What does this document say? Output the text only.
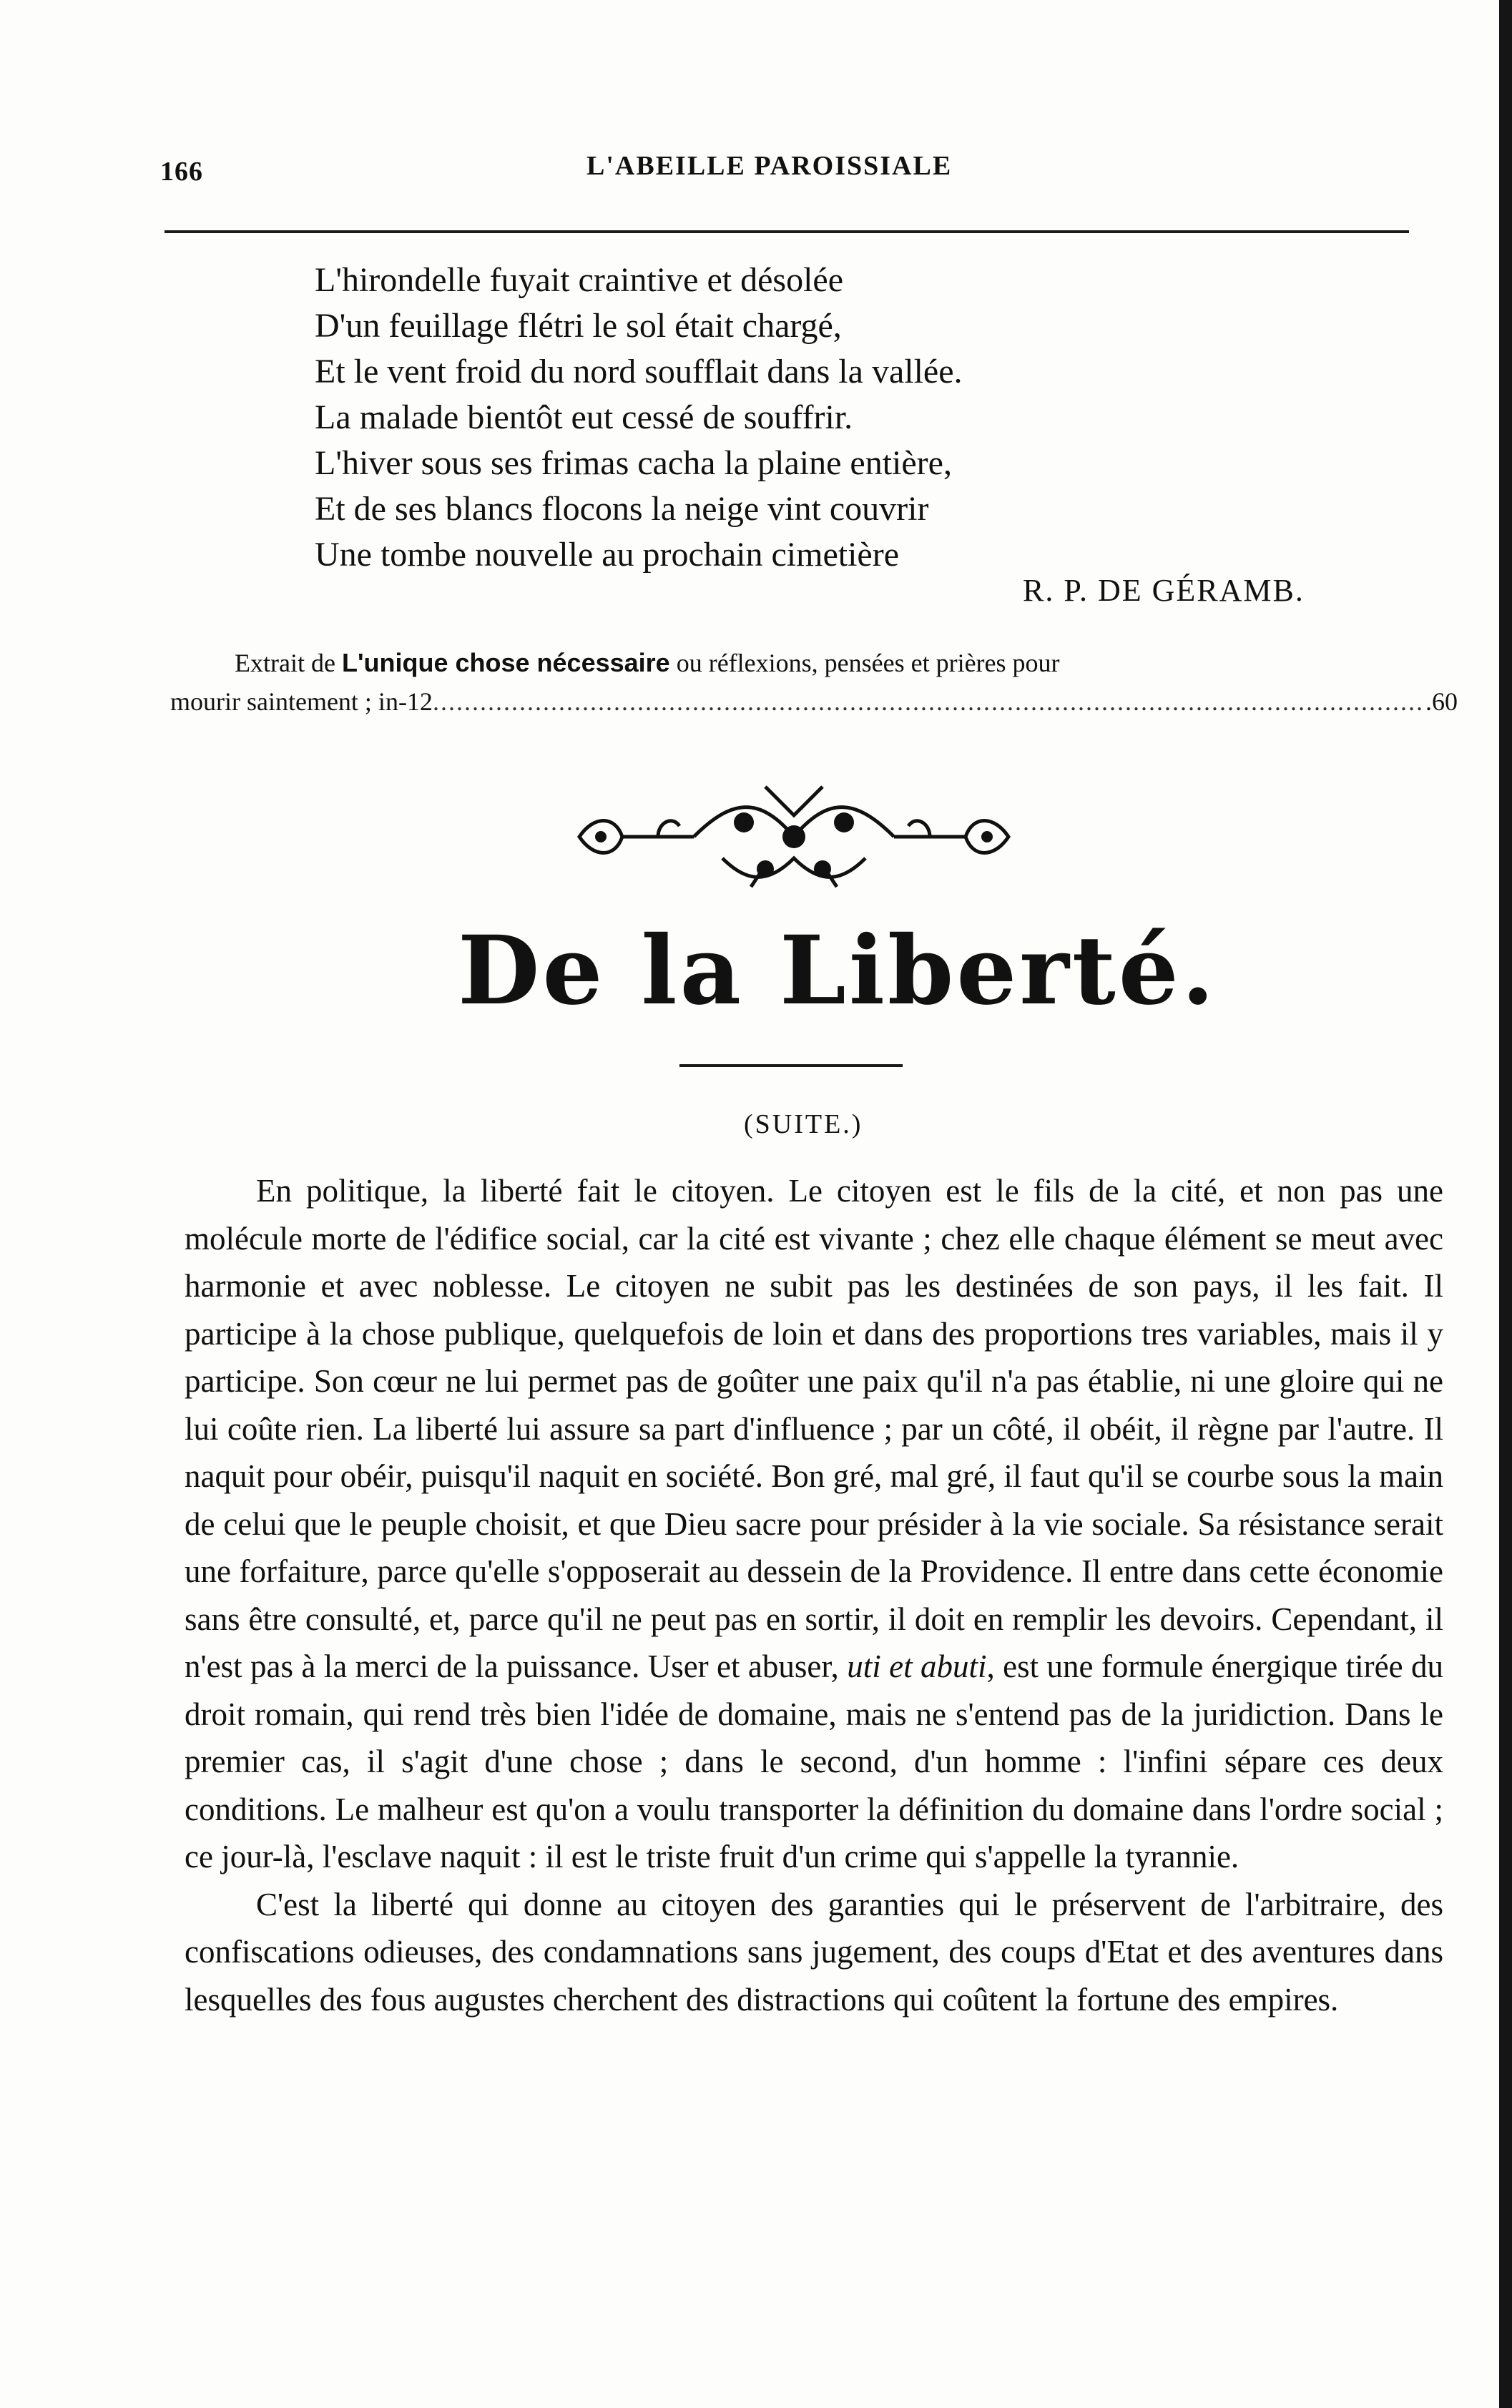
166	L'ABEILLE PAROISSIALE
L'hirondelle fuyait craintive et désolée
D'un feuillage flétri le sol était chargé,
Et le vent froid du nord soufflait dans la vallée.
La malade bientôt eut cessé de souffrir.
L'hiver sous ses frimas cacha la plaine entière,
Et de ses blancs flocons la neige vint couvrir
Une tombe nouvelle au prochain cimetière
R. P. DE GÉRAMB.
Extrait de L'unique chose nécessaire ou réflexions, pensées et prières pour
mourir saintement ; in-12
.....	.60
De la Liberté.
(SUITE.)

En politique, la liberté fait le citoyen. Le citoyen est le fils de la cité, et non pas une molécule morte de l'édifice social, car la cité est vivante ; chez elle chaque élément se meut avec harmonie et avec noblesse. Le citoyen ne subit pas les destinées de son pays, il les fait. Il participe à la chose publique, quelquefois de loin et dans des proportions tres variables, mais il y participe. Son cœur ne lui permet pas de goûter une paix qu'il n'a pas établie, ni une gloire qui ne lui coûte rien. La liberté lui assure sa part d'influence ; par un côté, il obéit, il règne par l'autre. Il naquit pour obéir, puisqu'il naquit en société. Bon gré, mal gré, il faut qu'il se courbe sous la main de celui que le peuple choisit, et que Dieu sacre pour présider à la vie sociale. Sa résistance serait une forfaiture, parce qu'elle s'opposerait au dessein de la Providence. Il entre dans cette économie sans être consulté, et, parce qu'il ne peut pas en sortir, il doit en remplir les devoirs. Cependant, il n'est pas à la merci de la puissance. User et abuser, uti et abuti, est une formule énergique tirée du droit romain, qui rend très bien l'idée de domaine, mais ne s'entend pas de la juridiction. Dans le premier cas, il s'agit d'une chose ; dans le second, d'un homme : l'infini sépare ces deux conditions. Le malheur est qu'on a voulu transporter la définition du domaine dans l'ordre social ; ce jour-là, l'esclave naquit : il est le triste fruit d'un crime qui s'appelle la tyrannie.

C'est la liberté qui donne au citoyen des garanties qui le préservent de l'arbitraire, des confiscations odieuses, des condamnations sans jugement, des coups d'Etat et des aventures dans lesquelles des fous augustes cherchent des distractions qui coûtent la fortune des empires.
